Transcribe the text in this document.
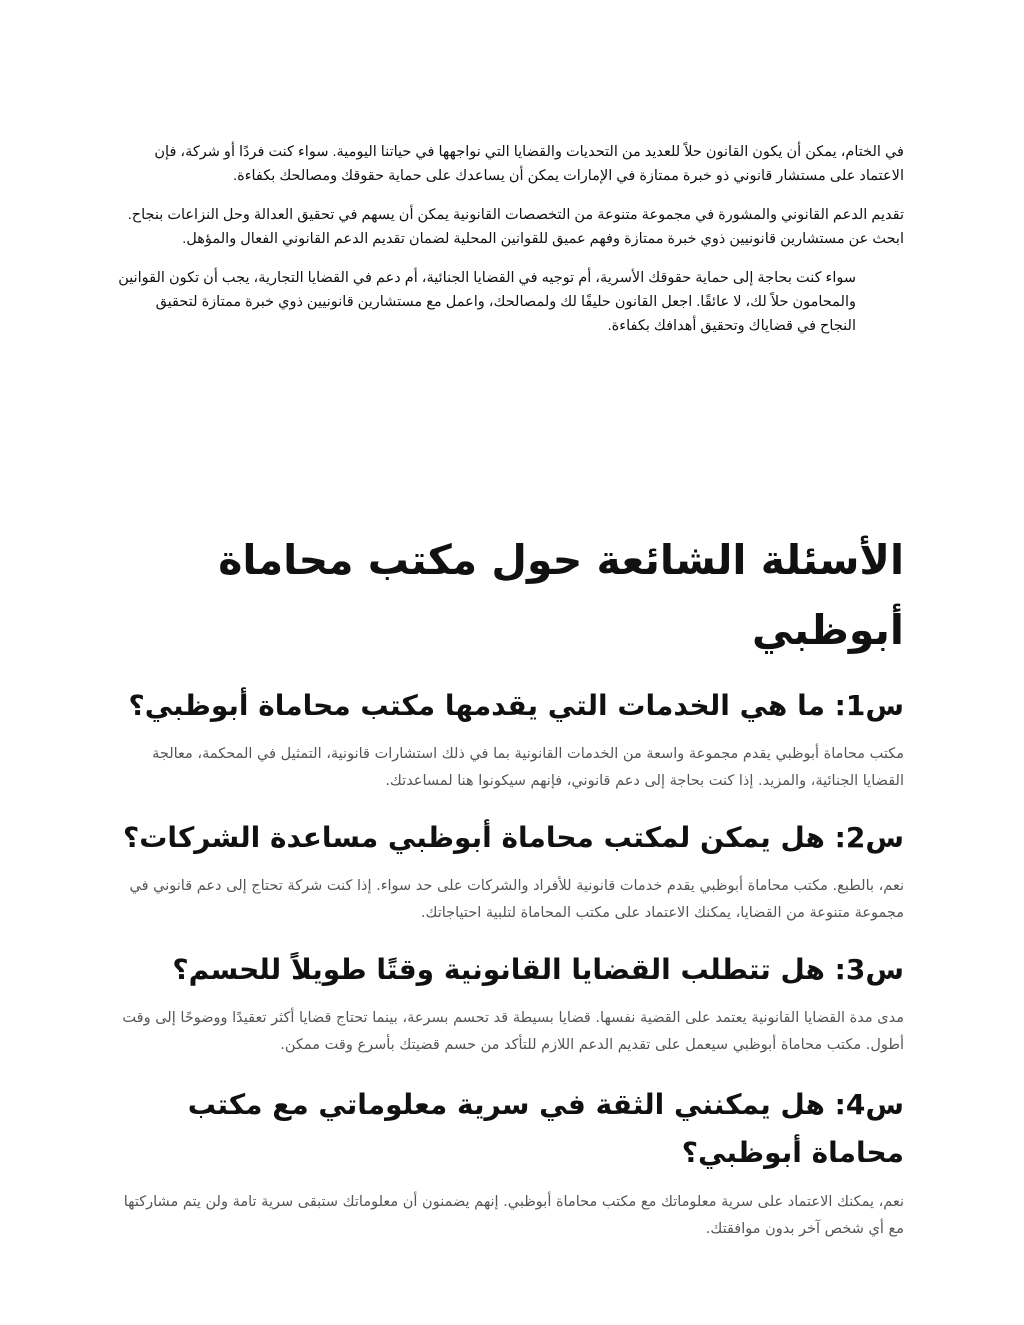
في الختام، يمكن أن يكون القانون حلاً للعديد من التحديات والقضايا التي نواجهها في حياتنا اليومية. سواء كنت فردًا أو شركة، فإن الاعتماد على مستشار قانوني ذو خبرة ممتازة في الإمارات يمكن أن يساعدك على حماية حقوقك ومصالحك بكفاءة.

تقديم الدعم القانوني والمشورة في مجموعة متنوعة من التخصصات القانونية يمكن أن يسهم في تحقيق العدالة وحل النزاعات بنجاح. ابحث عن مستشارين قانونيين ذوي خبرة ممتازة وفهم عميق للقوانين المحلية لضمان تقديم الدعم القانوني الفعال والمؤهل.

سواء كنت بحاجة إلى حماية حقوقك الأسرية، أم توجيه في القضايا الجنائية، أم دعم في القضايا التجارية، يجب أن تكون القوانين والمحامون حلاً لك، لا عائقًا. اجعل القانون حليفًا لك ولمصالحك، واعمل مع مستشارين قانونيين ذوي خبرة ممتازة لتحقيق النجاح في قضاياك وتحقيق أهدافك بكفاءة.

الأسئلة الشائعة حول مكتب محاماة أبوظبي
س1: ما هي الخدمات التي يقدمها مكتب محاماة أبوظبي؟

مكتب محاماة أبوظبي يقدم مجموعة واسعة من الخدمات القانونية بما في ذلك استشارات قانونية، التمثيل في المحكمة، معالجة القضايا الجنائية، والمزيد. إذا كنت بحاجة إلى دعم قانوني، فإنهم سيكونوا هنا لمساعدتك.

س2: هل يمكن لمكتب محاماة أبوظبي مساعدة الشركات؟

نعم، بالطبع. مكتب محاماة أبوظبي يقدم خدمات قانونية للأفراد والشركات على حد سواء. إذا كنت شركة تحتاج إلى دعم قانوني في مجموعة متنوعة من القضايا، يمكنك الاعتماد على مكتب المحاماة لتلبية احتياجاتك.

س3: هل تتطلب القضايا القانونية وقتًا طويلاً للحسم؟

مدى مدة القضايا القانونية يعتمد على القضية نفسها. قضايا بسيطة قد تحسم بسرعة، بينما تحتاج قضايا أكثر تعقيدًا ووضوحًا إلى وقت أطول. مكتب محاماة أبوظبي سيعمل على تقديم الدعم اللازم للتأكد من حسم قضيتك بأسرع وقت ممكن.

س4: هل يمكنني الثقة في سرية معلوماتي مع مكتب محاماة أبوظبي؟

نعم، يمكنك الاعتماد على سرية معلوماتك مع مكتب محاماة أبوظبي. إنهم يضمنون أن معلوماتك ستبقى سرية تامة ولن يتم مشاركتها مع أي شخص آخر بدون موافقتك.
